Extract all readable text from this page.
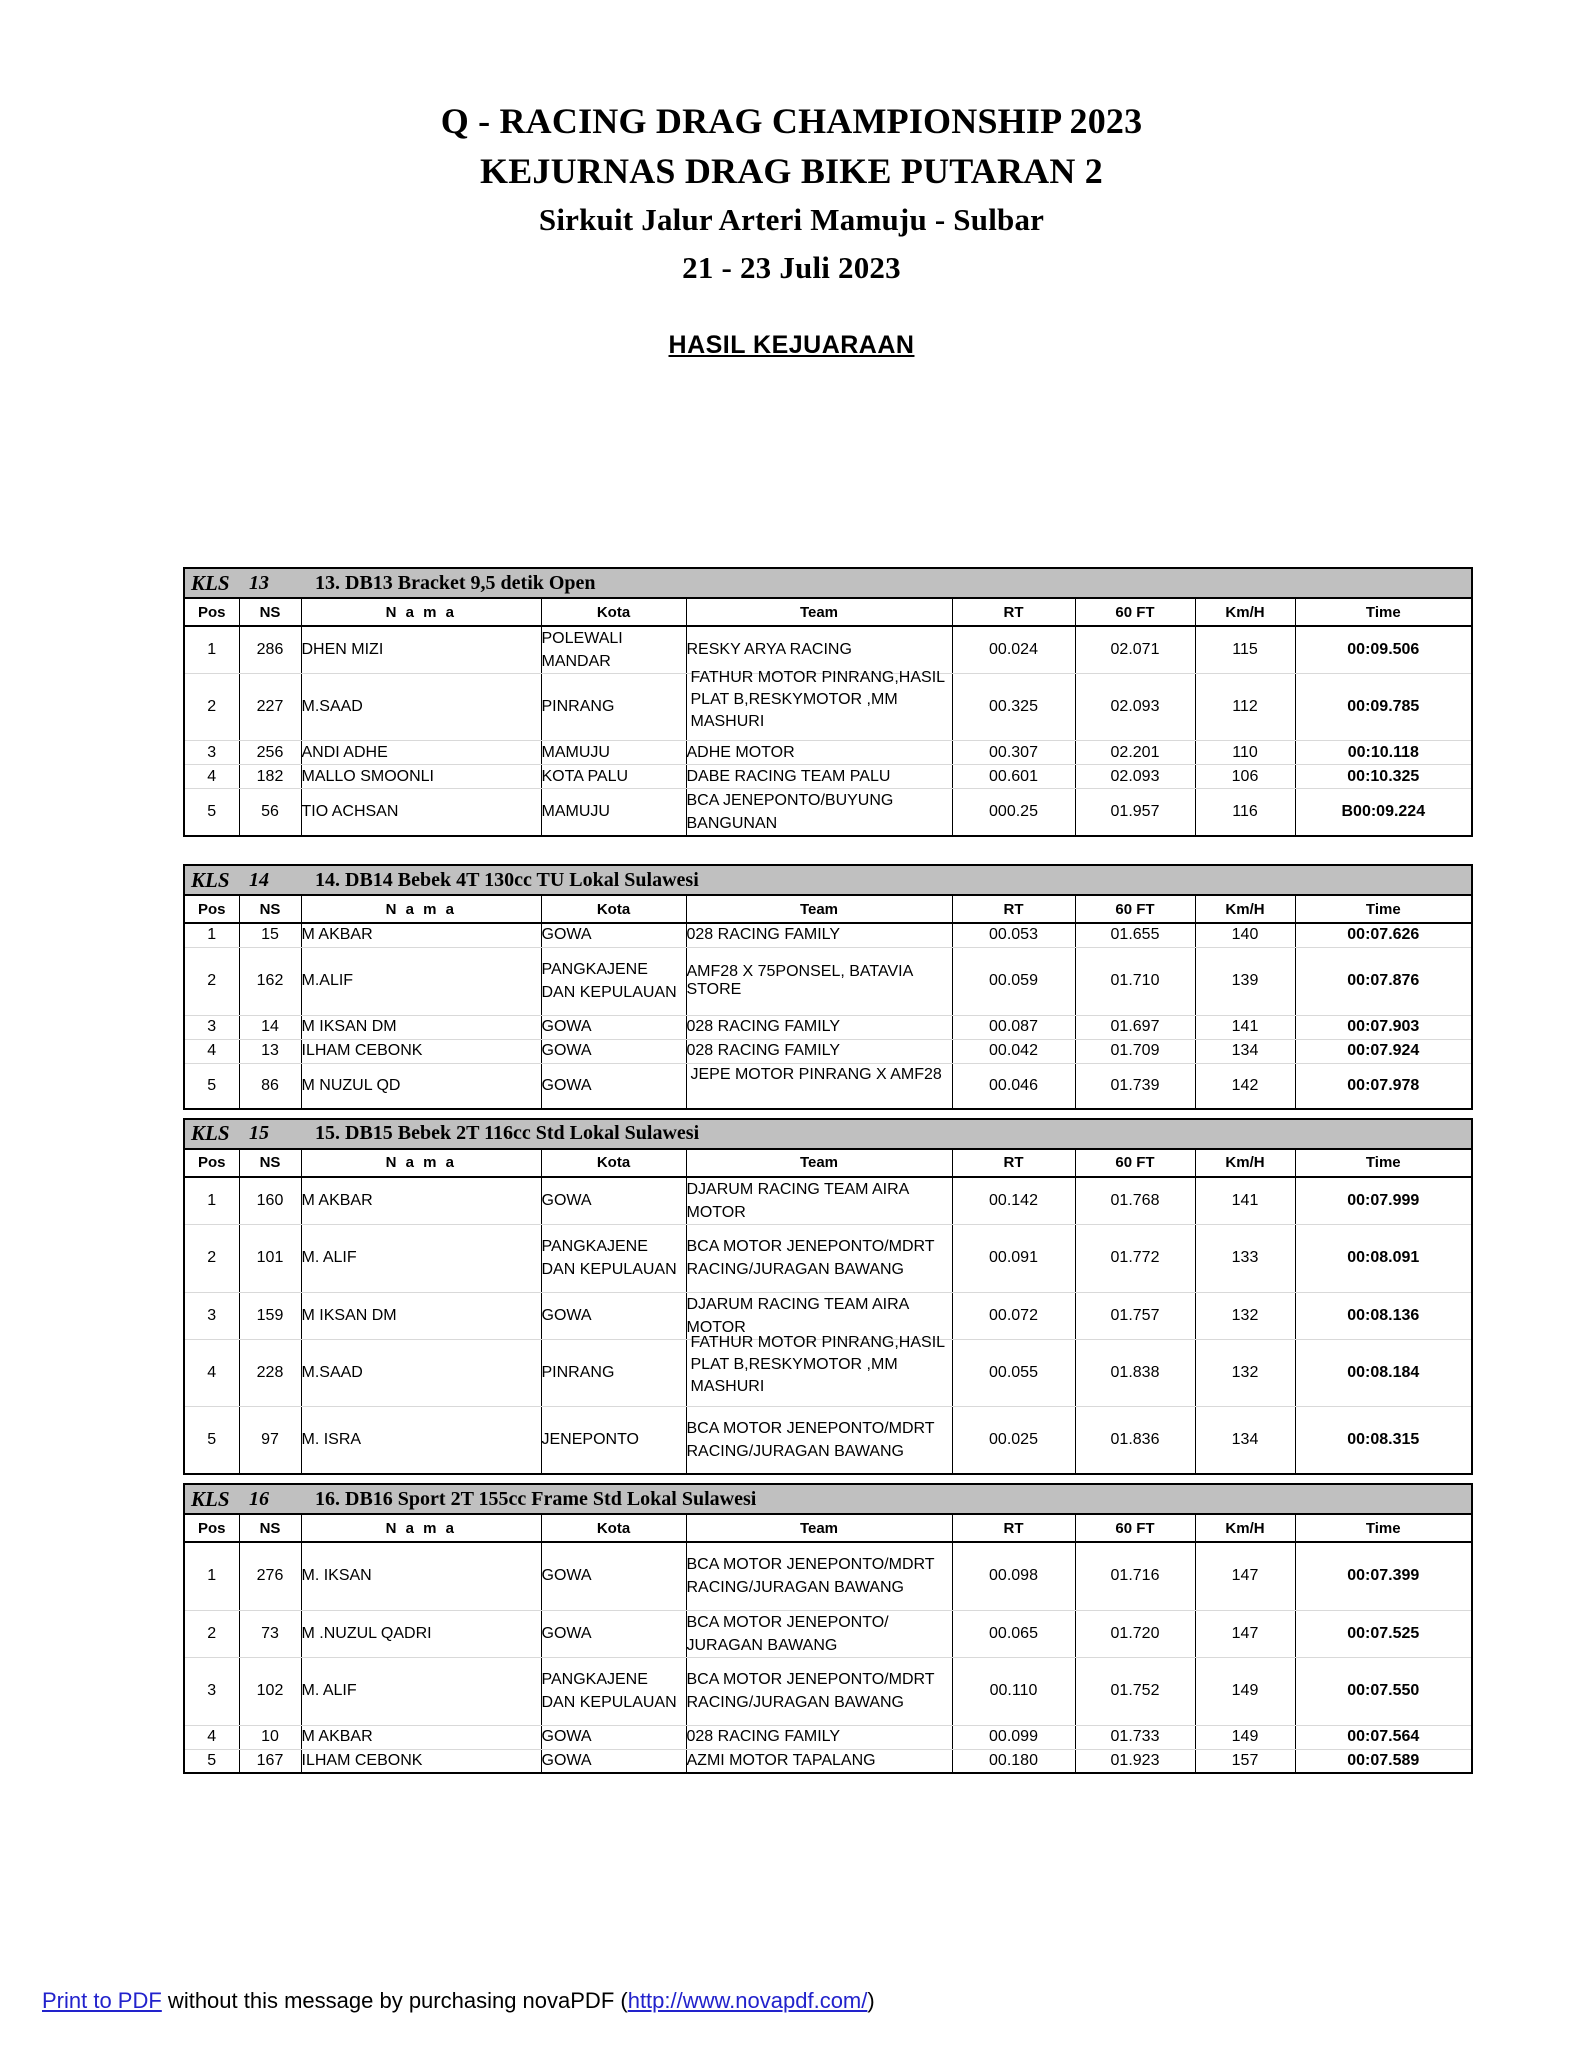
Q - RACING DRAG CHAMPIONSHIP 2023
KEJURNAS DRAG BIKE PUTARAN 2
Sirkuit Jalur Arteri Mamuju - Sulbar
21 - 23 Juli 2023
HASIL KEJUARAAN
KLS 13 13. DB13 Bracket 9,5 detik Open								

Pos	NS	N a m a	Kota	Team	RT	60 FT	Km/H	Time
1	286	DHEN MIZI	POLEWALI MANDAR	RESKY ARYA RACING	00.024	02.071	115	00:09.506
2	227	M.SAAD	PINRANG	FATHUR MOTOR PINRANG,HASIL PLAT B,RESKYMOTOR ,MM MASHURI	00.325	02.093	112	00:09.785
3	256	ANDI ADHE	MAMUJU	ADHE MOTOR	00.307	02.201	110	00:10.118
4	182	MALLO SMOONLI	KOTA PALU	DABE RACING TEAM PALU	00.601	02.093	106	00:10.325
5	56	TIO ACHSAN	MAMUJU	BCA JENEPONTO/BUYUNG BANGUNAN	000.25	01.957	116	B00:09.224
KLS 14 14. DB14 Bebek 4T 130cc TU Lokal Sulawesi								

Pos	NS	N a m a	Kota	Team	RT	60 FT	Km/H	Time
1	15	M AKBAR	GOWA	028 RACING FAMILY	00.053	01.655	140	00:07.626
2	162	M.ALIF	PANGKAJENE DAN KEPULAUAN	AMF28 X 75PONSEL, BATAVIA STORE	00.059	01.710	139	00:07.876
3	14	M IKSAN DM	GOWA	028 RACING FAMILY	00.087	01.697	141	00:07.903
4	13	ILHAM CEBONK	GOWA	028 RACING FAMILY	00.042	01.709	134	00:07.924
5	86	M NUZUL QD	GOWA	JEPE MOTOR PINRANG X AMF28	00.046	01.739	142	00:07.978
KLS 15 15. DB15 Bebek 2T 116cc Std Lokal Sulawesi								

Pos	NS	N a m a	Kota	Team	RT	60 FT	Km/H	Time
1	160	M AKBAR	GOWA	DJARUM RACING TEAM AIRA MOTOR	00.142	01.768	141	00:07.999
2	101	M. ALIF	PANGKAJENE DAN KEPULAUAN	BCA MOTOR JENEPONTO/MDRT RACING/JURAGAN BAWANG	00.091	01.772	133	00:08.091
3	159	M IKSAN DM	GOWA	DJARUM RACING TEAM AIRA MOTOR	00.072	01.757	132	00:08.136
4	228	M.SAAD	PINRANG	FATHUR MOTOR PINRANG,HASIL PLAT B,RESKYMOTOR ,MM MASHURI	00.055	01.838	132	00:08.184
5	97	M. ISRA	JENEPONTO	BCA MOTOR JENEPONTO/MDRT RACING/JURAGAN BAWANG	00.025	01.836	134	00:08.315
KLS 16 16. DB16 Sport 2T 155cc Frame Std Lokal Sulawesi								

Pos	NS	N a m a	Kota	Team	RT	60 FT	Km/H	Time
1	276	M. IKSAN	GOWA	BCA MOTOR JENEPONTO/MDRT RACING/JURAGAN BAWANG	00.098	01.716	147	00:07.399
2	73	M .NUZUL QADRI	GOWA	BCA MOTOR JENEPONTO/ JURAGAN BAWANG	00.065	01.720	147	00:07.525
3	102	M. ALIF	PANGKAJENE DAN KEPULAUAN	BCA MOTOR JENEPONTO/MDRT RACING/JURAGAN BAWANG	00.110	01.752	149	00:07.550
4	10	M AKBAR	GOWA	028 RACING FAMILY	00.099	01.733	149	00:07.564
5	167	ILHAM CEBONK	GOWA	AZMI MOTOR TAPALANG	00.180	01.923	157	00:07.589
Print to PDF without this message by purchasing novaPDF (http://www.novapdf.com/)
